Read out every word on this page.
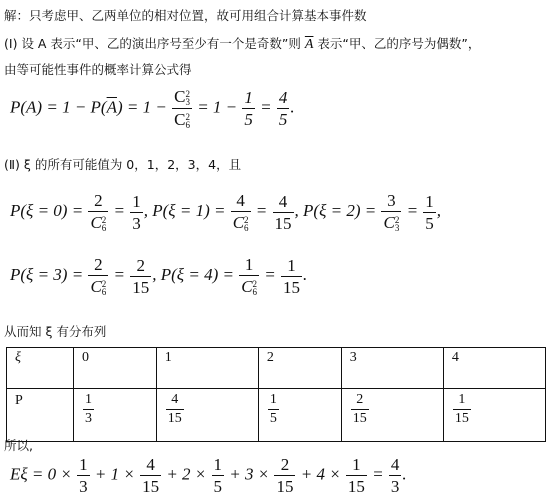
解：只考虑甲、乙两单位的相对位置，故可用组合计算基本事件数
(Ⅰ) 设 A 表示“甲、乙的演出序号至少有一个是奇数”则 $\overline{A}$ 表示“甲、乙的序号为偶数”，
由等可能性事件的概率计算公式得
$P(A) = 1 - P(\overline{A}) = 1 - C$ 2
3
C 2
$6 = 1 - \frac{1}{5} = \frac{4}{5}$ .
(Ⅱ) ξ 的所有可能值为 0，1，2，3，4，且
P(ξ = 0) = 2
C 2
$6 = \frac{1}{3}$ , P(ξ = 1) = 4
C 2
$6 = \frac{4}{15}$ , P(ξ = 2) = 3
C 2
$3 = \frac{1}{5}$ ,
P(ξ = 3) = 2
C 2
$6 = \frac{2}{15}$ , P(ξ = 4) = 1
C 2
$6 = \frac{1}{15}$ .
从而知 ξ 有分布列
ξ	0	1	2	3	4
P	$\frac{1}{3}$	$\frac{4}{15}$	$\frac{1}{5}$	$\frac{2}{15}$	$\frac{1}{15}$
所以,
$E\xi = 0 \times \frac{1}{3} + 1 \times \frac{4}{15} + 2 \times \frac{1}{5} + 3 \times \frac{2}{15} + 4 \times \frac{1}{15} = \frac{4}{3}$ .
